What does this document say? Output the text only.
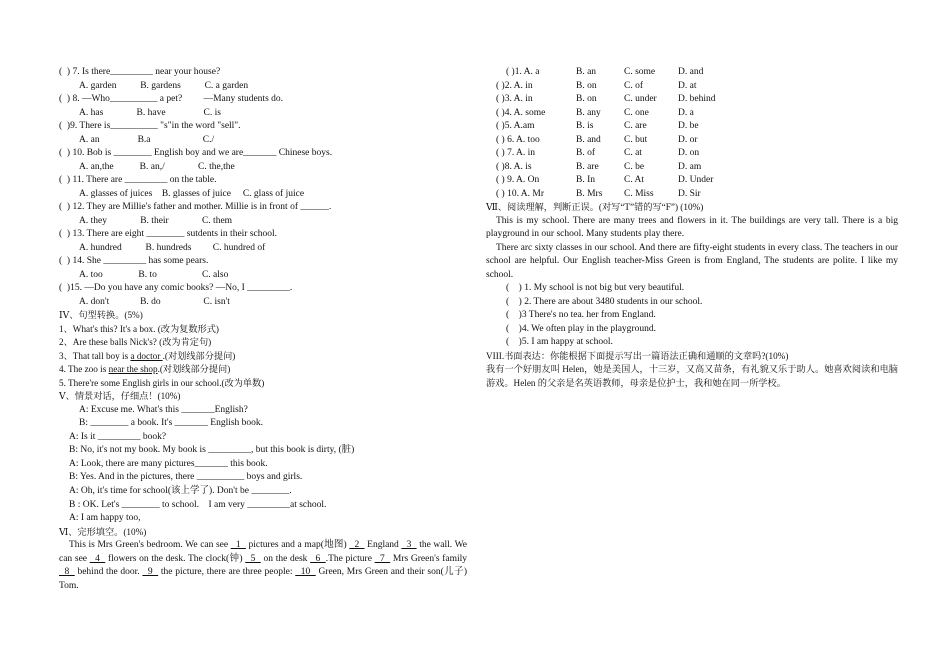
(  ) 7. Is there_________ near your house?
A. garden          B. gardens          C. a garden
(  ) 8. —Who__________ a pet?         —Many students do.
A. has              B. have                C. is
(  )9. There is__________ "s"in the word "sell".
A. an                B.a                      C./
(  ) 10. Bob is ________ English boy and we are_______ Chinese boys.
A. an,the           B. an,/              C. the,the
(  ) 11. There are _________ on the table.
A. glasses of juices    B. glasses of juice     C. glass of juice
(  ) 12. They are Millie's father and mother. Millie is in front of ______.
A. they              B. their              C. them
(  ) 13. There are eight ________ sutdents in their school.
A. hundred          B. hundreds         C. hundred of
(  ) 14. She _________ has some pears.
A. too               B. to                   C. also
(  )15. —Do you have any comic books? —No, I _________.
A. don't             B. do                  C. isn't
ⅠⅤ、句型转换。(5%)
1、What's this? It's a box. (改为复数形式)
2、Are these balls Nick's? (改为肯定句)
3、That tall boy is a doctor .(对划线部分提问)
4. The zoo is near the shop.(对划线部分提问)
5. There're some English girls in our school.(改为单数)
Ⅴ、情景对话，仔细点！(10%)
A: Excuse me. What's this _______English?
B: ________ a book. It's _______ English book.
A: Is it _________ book?
B: No, it's not my book. My book is _________, but this book is dirty, (脏)
A: Look, there are many pictures_______ this book.
B: Yes. And in the pictures, there __________ boys and girls.
A: Oh, it's time for school(该上学了). Don't be ________.
B : OK. Let's ________ to school.    I am very _________at school.
A: I am happy too,
Ⅵ、完形填空。(10%)
This is Mrs Green's bedroom. We can see   1   pictures and a map(地图)   2   England   3   the wall. We can see   4   flowers on the desk. The clock(钟)   5   on the desk   6  .The picture   7   Mrs Green's family   8   behind the door.   9   the picture, there are three people:   10   Green, Mrs Green and their son(儿子) Tom.
( )1. A. a	B. an	C. some	D. and
( )2. A. in	B. on	C. of	D. at
( )3. A. in	B. on	C. under	D. behind
( )4. A. some	B. any	C. one	D. a
( )5. A.am	B. is	C. are	D. be
( ) 6. A. too	B. and	C. but	D. or
( ) 7. A. in	B. of	C. at	D. on
( )8. A. is	B. are	C. be	D. am
( ) 9. A. On	B. In	C. At	D. Under
( ) 10. A. Mr	B. Mrs	C. Miss	D. Sir
Ⅶ、阅读理解，判断正误。(对写“T”错的写“F”) (10%)
This is my school. There are many trees and flowers in it. The buildings are very tall. There is a big playground in our school. Many students play there.
There arc sixty classes in our school. And there are fifty-eight students in every class. The teachers in our school are helpful. Our English teacher-Miss Green is from England, The students are polite. I like my school.
(    ) 1. My school is not big but very beautiful.
(    ) 2. There are about 3480 students in our school.
(    )3 There's no tea. her from England.
(    )4. We often play in the playground.
(    )5. I am happy at school.
VIII.书面表达：你能根据下面提示写出一篇语法正确和通顺的文章吗?(10%)
我有一个好朋友叫 Helen，她是美国人，十三岁，又高又苗条，有礼貌又乐于助人。她喜欢阅读和电脑游戏。Helen 的父亲是名英语教师，母亲是位护士，我和她在同一所学校。
